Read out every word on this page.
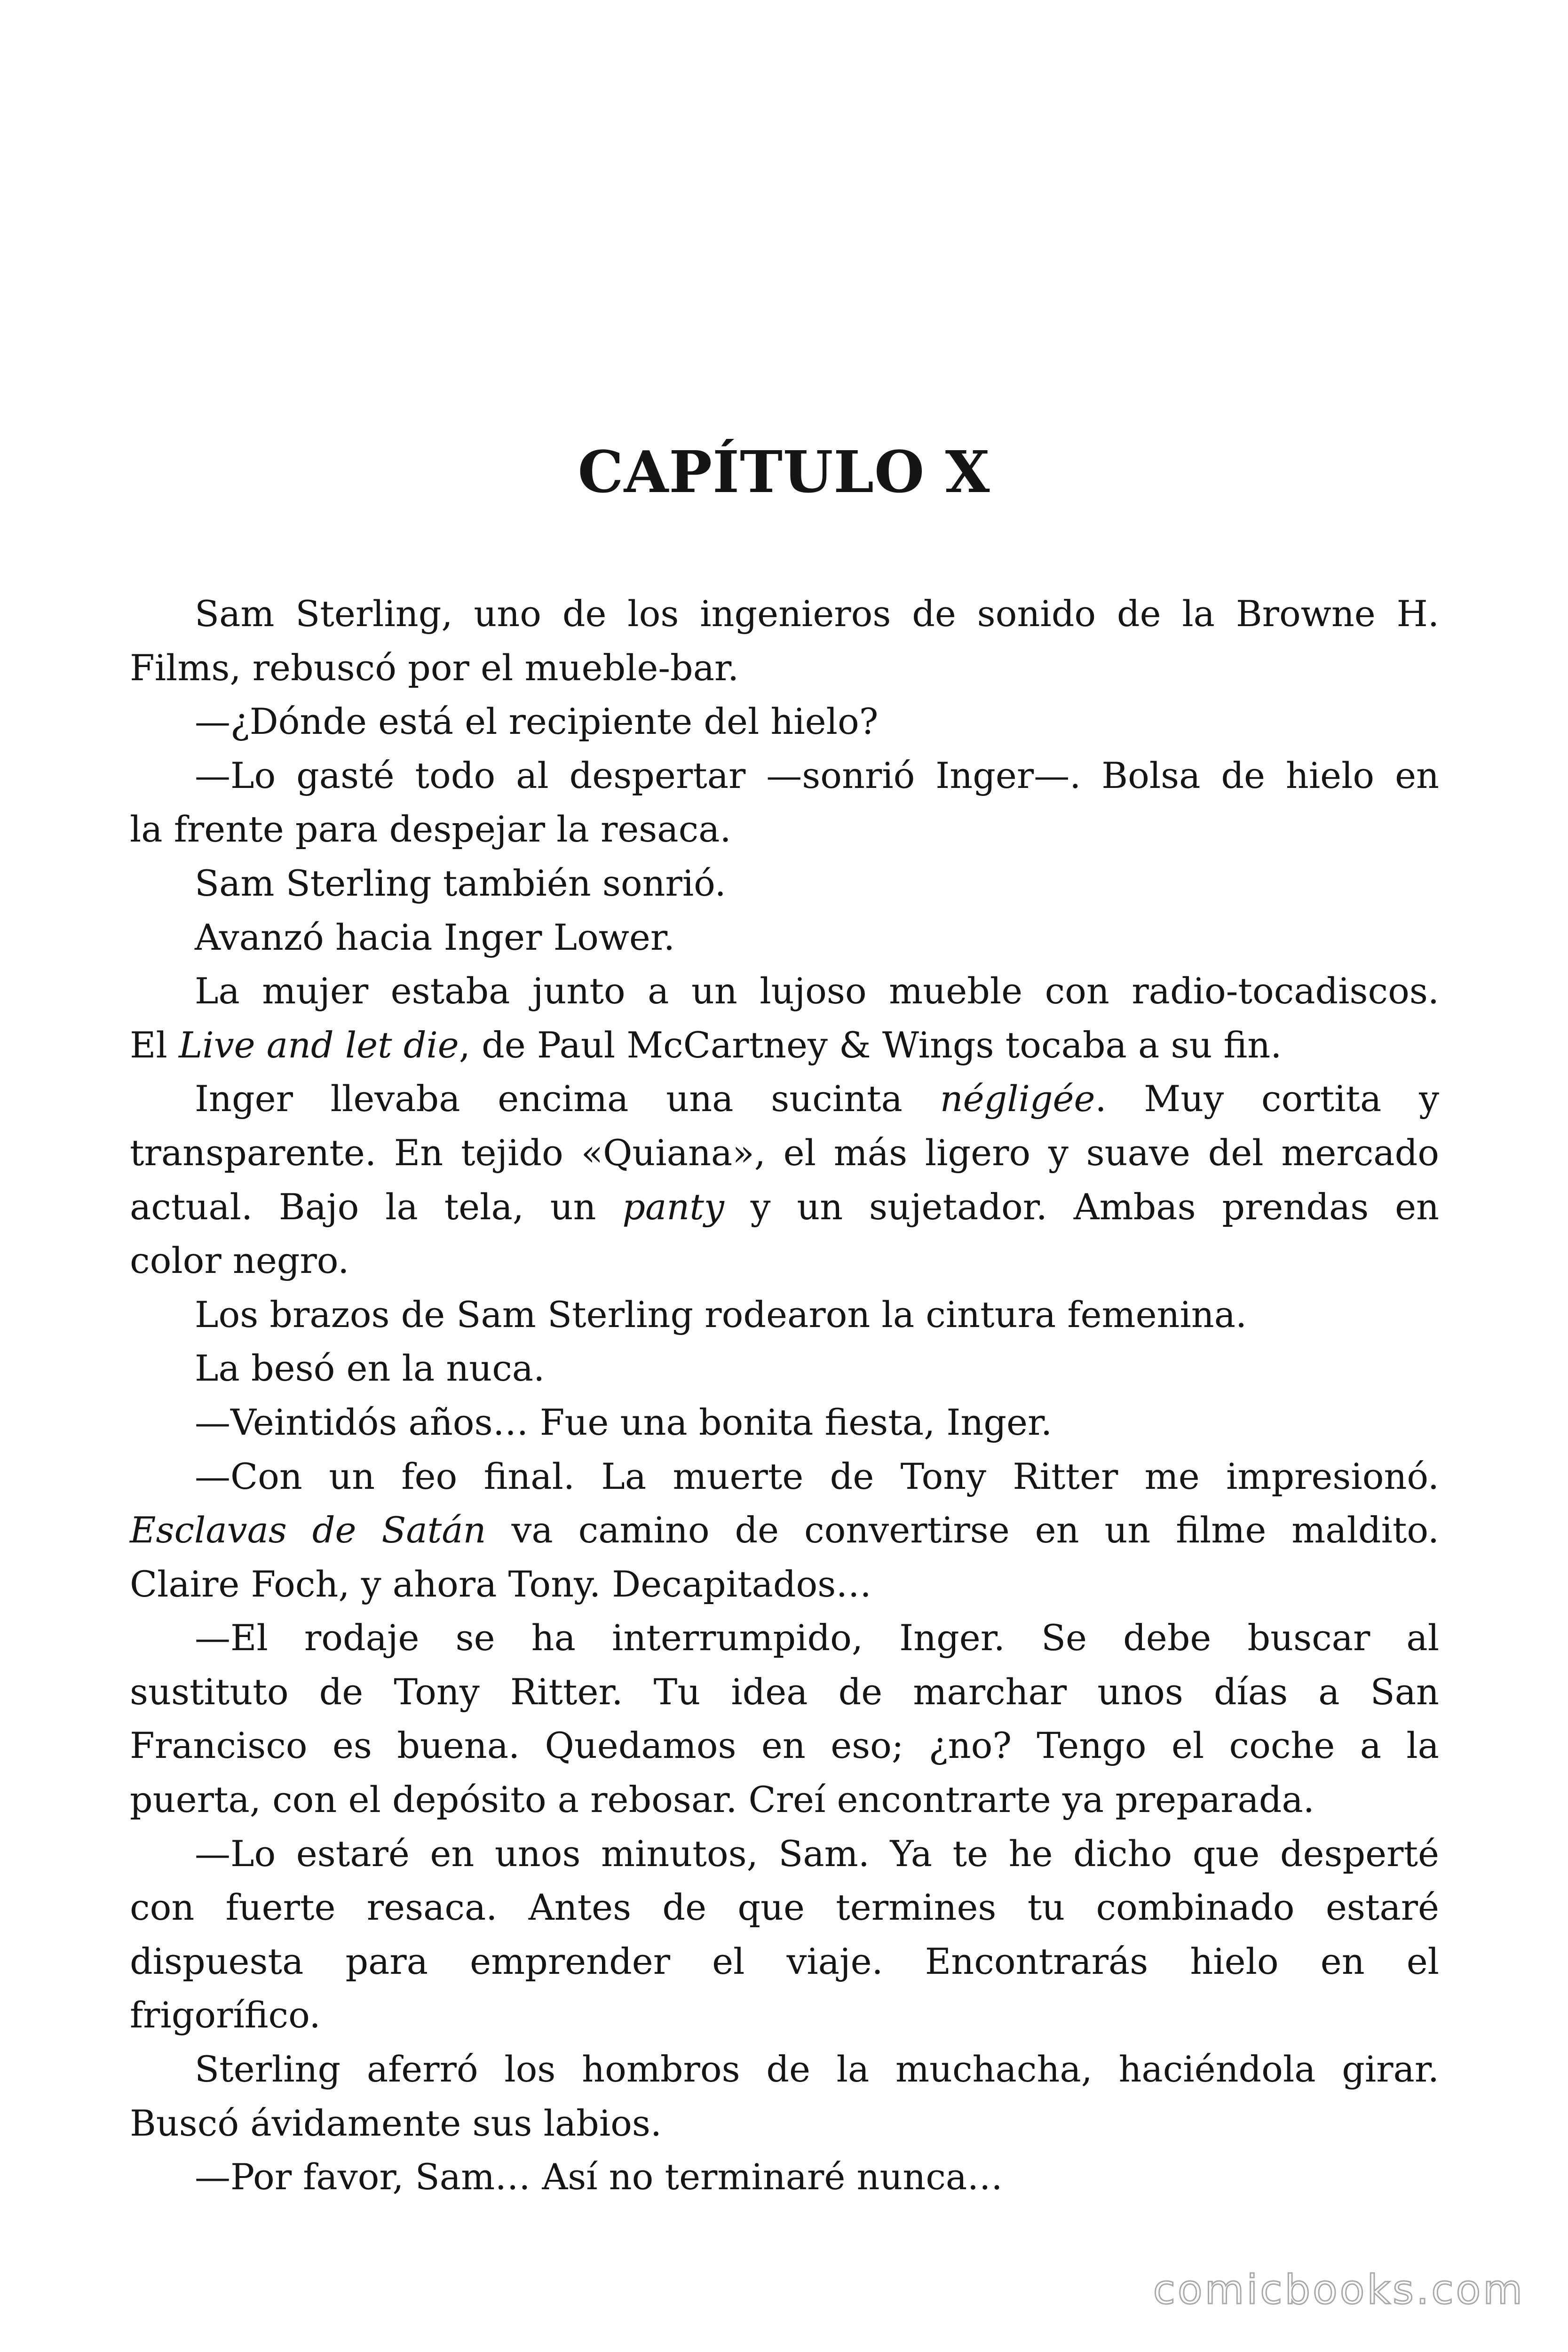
CAPÍTULO X

Sam Sterling, uno de los ingenieros de sonido de la Browne H.
Films, rebuscó por el mueble-bar.

—¿Dónde está el recipiente del hielo?

—Lo gasté todo al despertar —sonrió Inger—. Bolsa de hielo en
la frente para despejar la resaca.

Sam Sterling también sonrió.

Avanzó hacia Inger Lower.

La mujer estaba junto a un lujoso mueble con radio-tocadiscos.
El Live and let die, de Paul McCartney & Wings tocaba a su fin.

Inger llevaba encima una sucinta négligée. Muy cortita y
transparente. En tejido «Quiana», el más ligero y suave del mercado
actual. Bajo la tela, un panty y un sujetador. Ambas prendas en
color negro.

Los brazos de Sam Sterling rodearon la cintura femenina.

La besó en la nuca.

—Veintidós años… Fue una bonita fiesta, Inger.

—Con un feo final. La muerte de Tony Ritter me impresionó.
Esclavas de Satán va camino de convertirse en un filme maldito.
Claire Foch, y ahora Tony. Decapitados…

—El rodaje se ha interrumpido, Inger. Se debe buscar al
sustituto de Tony Ritter. Tu idea de marchar unos días a San
Francisco es buena. Quedamos en eso; ¿no? Tengo el coche a la
puerta, con el depósito a rebosar. Creí encontrarte ya preparada.

—Lo estaré en unos minutos, Sam. Ya te he dicho que desperté
con fuerte resaca. Antes de que termines tu combinado estaré
dispuesta para emprender el viaje. Encontrarás hielo en el
frigorífico.

Sterling aferró los hombros de la muchacha, haciéndola girar.
Buscó ávidamente sus labios.

—Por favor, Sam… Así no terminaré nunca…

comicbooks.com
